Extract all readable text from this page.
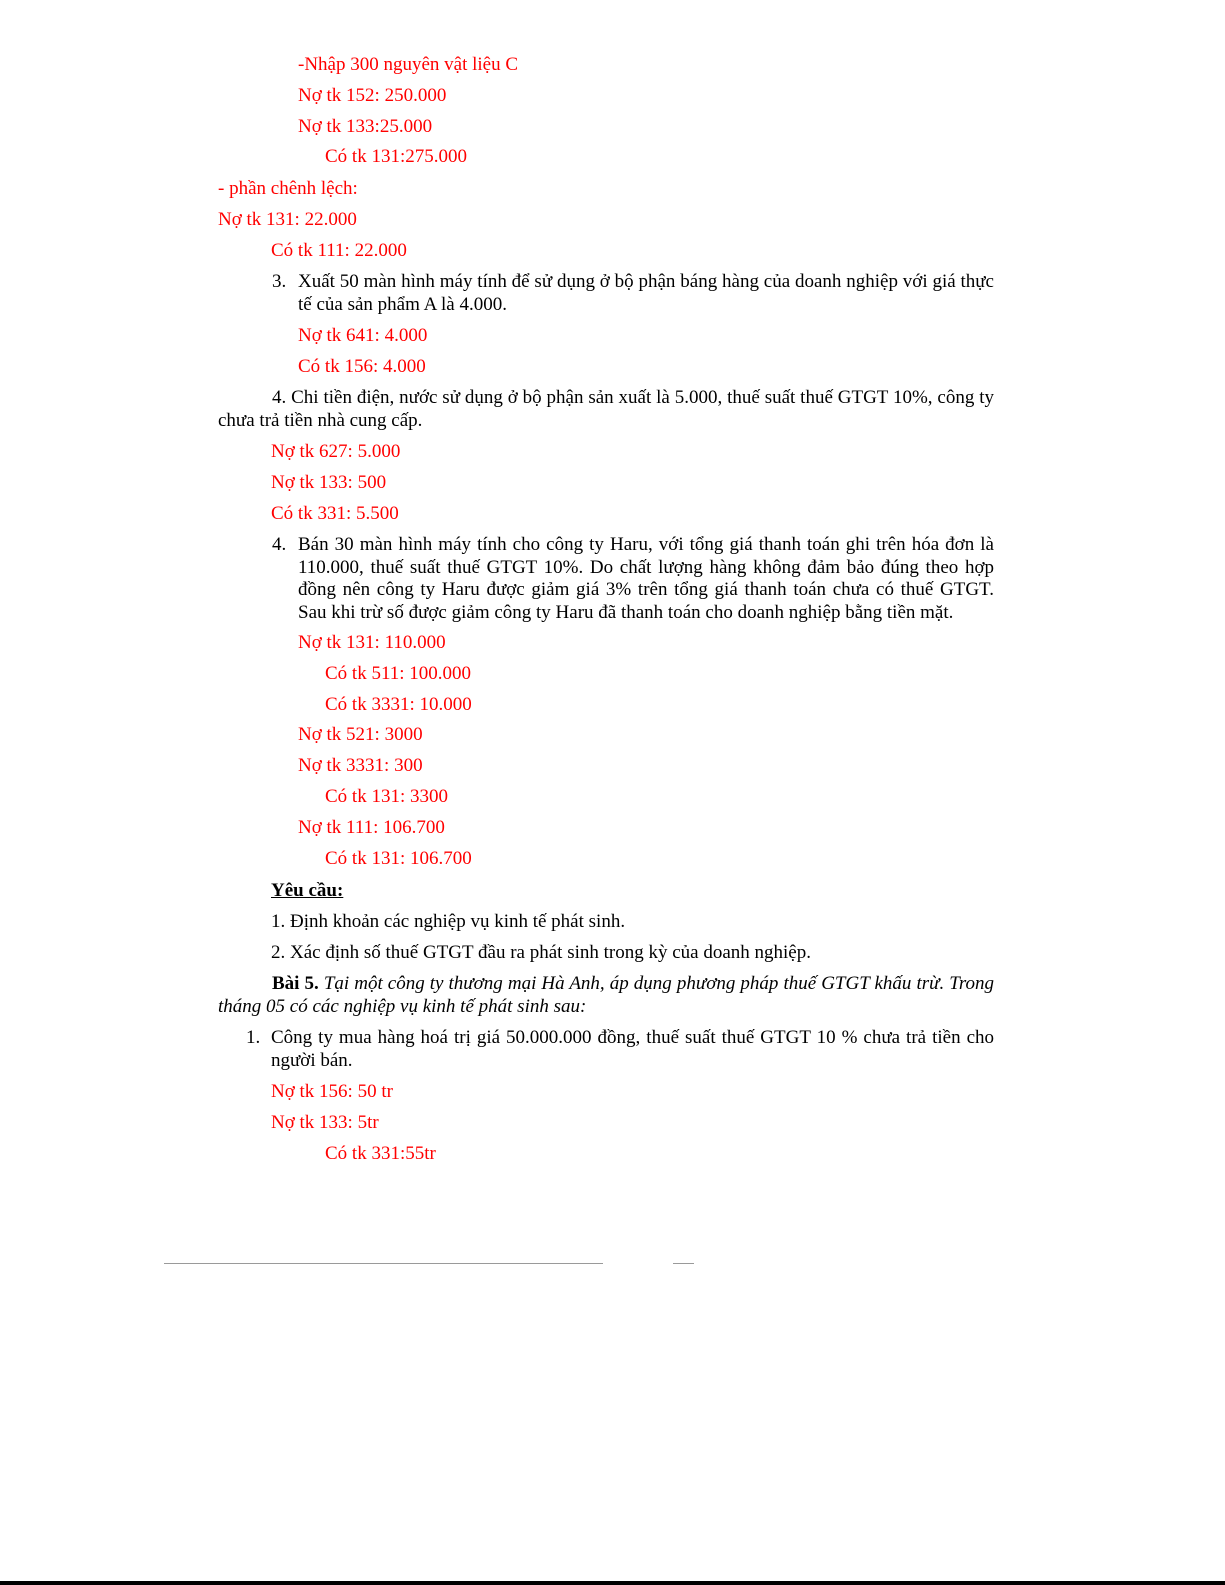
-Nhập 300 nguyên vật liệu C
Nợ tk 152: 250.000
Nợ tk 133:25.000
Có tk 131:275.000
- phần chênh lệch:
Nợ tk 131: 22.000
Có tk 111: 22.000
3. Xuất 50 màn hình máy tính để sử dụng ở bộ phận báng hàng của doanh nghiệp với giá thực tế của sản phẩm A là 4.000.
Nợ tk 641: 4.000
Có tk 156: 4.000
4. Chi tiền điện, nước sử dụng ở bộ phận sản xuất là 5.000, thuế suất thuế GTGT 10%, công ty chưa trả tiền nhà cung cấp.
Nợ tk 627: 5.000
Nợ tk 133: 500
Có tk 331: 5.500
4. Bán 30 màn hình máy tính cho công ty Haru, với tổng giá thanh toán ghi trên hóa đơn là 110.000, thuế suất thuế GTGT 10%. Do chất lượng hàng không đảm bảo đúng theo hợp đồng nên công ty Haru được giảm giá 3% trên tổng giá thanh toán chưa có thuế GTGT. Sau khi trừ số được giảm công ty Haru đã thanh toán cho doanh nghiệp bằng tiền mặt.
Nợ tk 131: 110.000
Có tk 511: 100.000
Có tk 3331: 10.000
Nợ tk 521: 3000
Nợ tk 3331: 300
Có tk 131: 3300
Nợ tk 111: 106.700
Có tk 131: 106.700
Yêu cầu:
1. Định khoản các nghiệp vụ kinh tế phát sinh.
2. Xác định số thuế GTGT đầu ra phát sinh trong kỳ của doanh nghiệp.
Bài 5. Tại một công ty thương mại Hà Anh, áp dụng phương pháp thuế GTGT khấu trừ. Trong tháng 05 có các nghiệp vụ kinh tế phát sinh sau:
1. Công ty mua hàng hoá trị giá 50.000.000 đồng, thuế suất thuế GTGT 10 % chưa trả tiền cho người bán.
Nợ tk 156: 50 tr
Nợ tk 133: 5tr
Có tk 331:55tr
